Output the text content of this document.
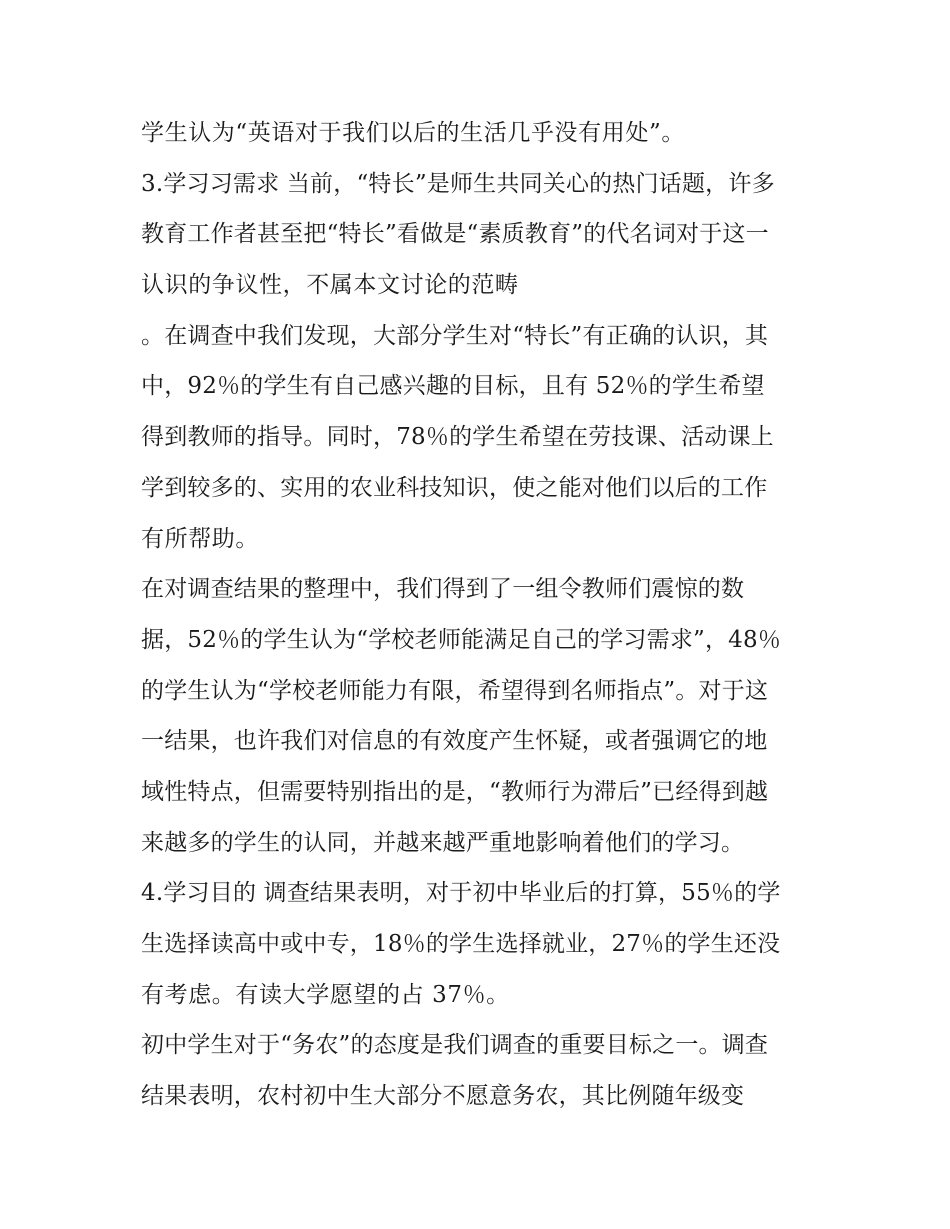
学生认为“英语对于我们以后的生活几乎没有用处”。
3.学习习需求 当前，“特长”是师生共同关心的热门话题，许多
教育工作者甚至把“特长”看做是“素质教育”的代名词对于这一
认识的争议性，不属本文讨论的范畴
。在调查中我们发现，大部分学生对“特长”有正确的认识，其
中，92％的学生有自己感兴趣的目标，且有 52％的学生希望
得到教师的指导。同时，78％的学生希望在劳技课、活动课上
学到较多的、实用的农业科技知识，使之能对他们以后的工作
有所帮助。
在对调查结果的整理中，我们得到了一组令教师们震惊的数
据，52％的学生认为“学校老师能满足自己的学习需求”，48％
的学生认为“学校老师能力有限，希望得到名师指点”。对于这
一结果，也许我们对信息的有效度产生怀疑，或者强调它的地
域性特点，但需要特别指出的是，“教师行为滞后”已经得到越
来越多的学生的认同，并越来越严重地影响着他们的学习。
4.学习目的 调查结果表明，对于初中毕业后的打算，55％的学
生选择读高中或中专，18％的学生选择就业，27％的学生还没
有考虑。有读大学愿望的占 37％。
初中学生对于“务农”的态度是我们调查的重要目标之一。调查
结果表明，农村初中生大部分不愿意务农，其比例随年级变
